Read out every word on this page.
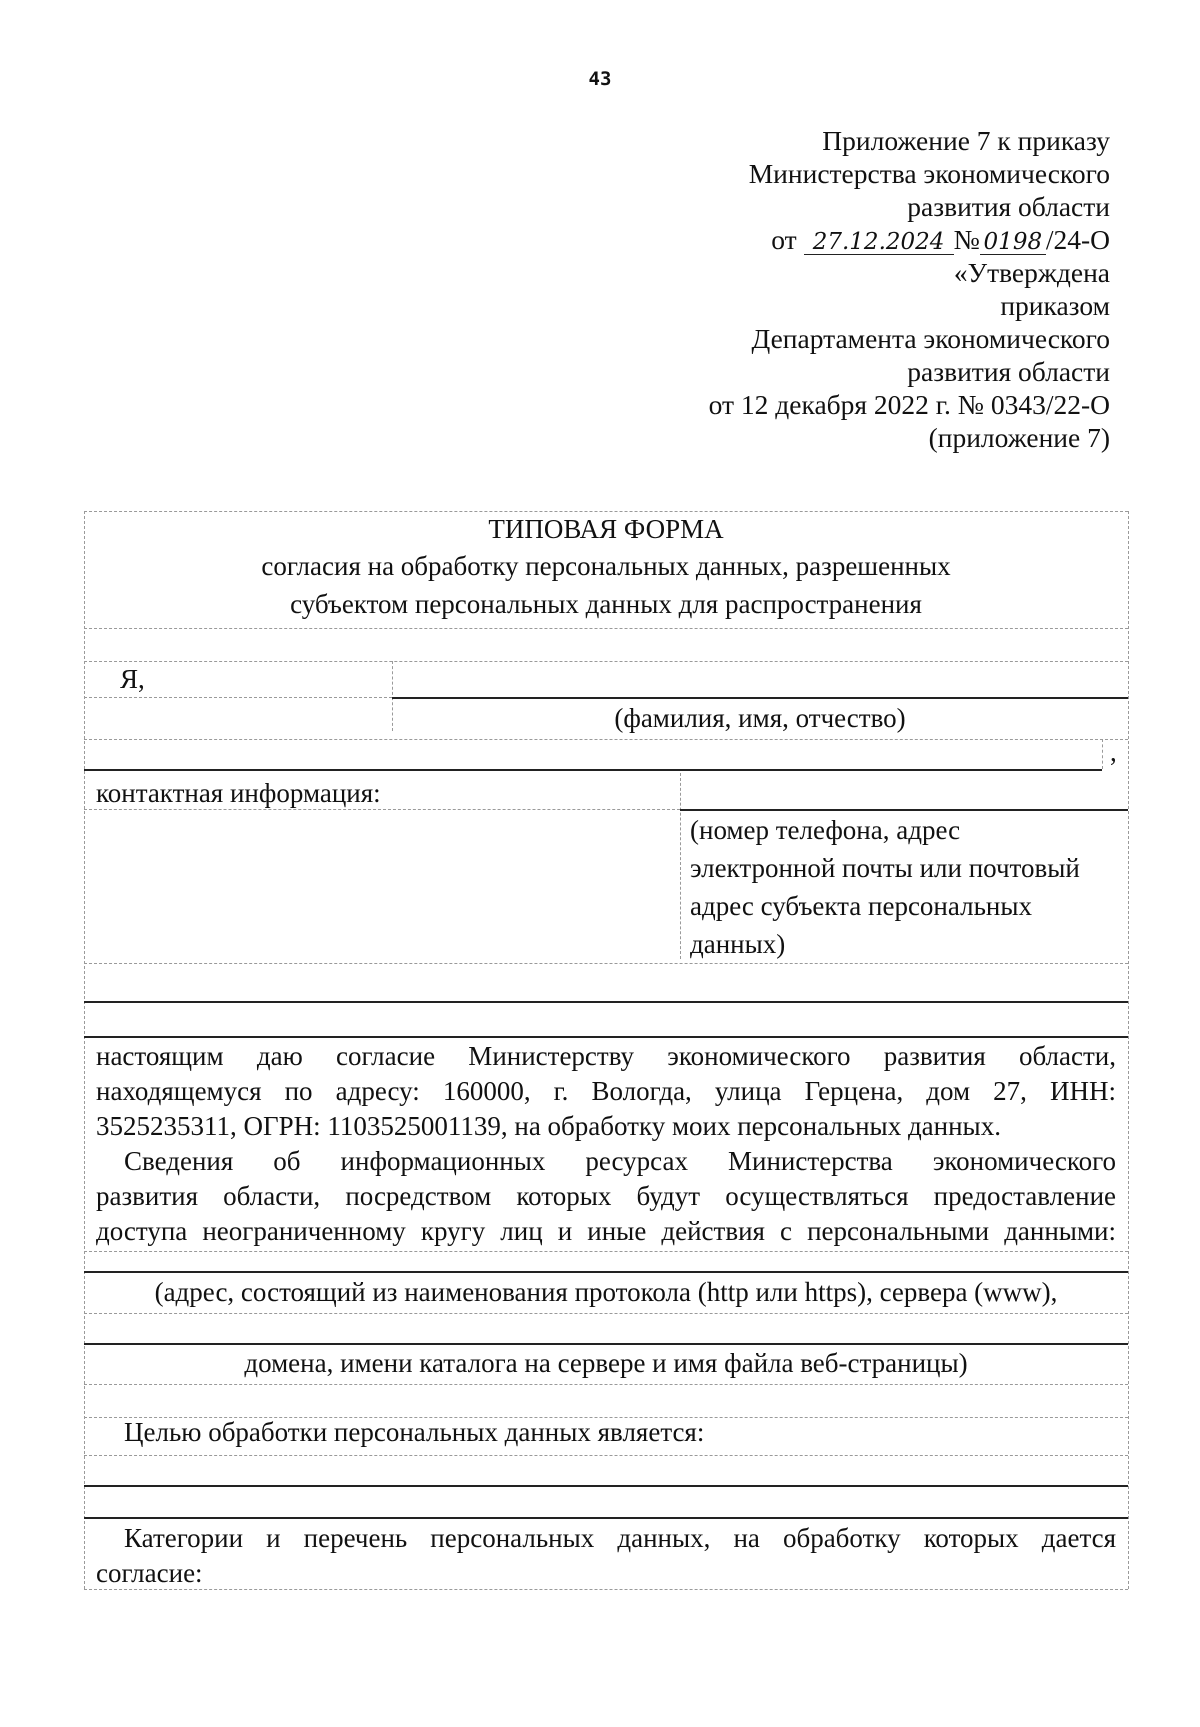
43
Приложение 7 к приказу
Министерства экономического
развития области
от 27.12.2024 № 0198 /24-О
«Утверждена
приказом
Департамента экономического
развития области
от 12 декабря 2022 г. № 0343/22-О
(приложение 7)
ТИПОВАЯ ФОРМА
согласия на обработку персональных данных, разрешенных
субъектом персональных данных для распространения
Я,
(фамилия, имя, отчество)
,
контактная информация:
(номер телефона, адрес
электронной почты или почтовый
адрес субъекта персональных
данных)
настоящим даю согласие Министерству экономического развития области,
находящемуся по адресу: 160000, г. Вологда, улица Герцена, дом 27, ИНН:
3525235311, ОГРН: 1103525001139, на обработку моих персональных данных.
Сведения об информационных ресурсах Министерства экономического
развития области, посредством которых будут осуществляться предоставление
доступа неограниченному кругу лиц и иные действия с персональными данными:
(адрес, состоящий из наименования протокола (http или https), сервера (www),
домена, имени каталога на сервере и имя файла веб-страницы)
Целью обработки персональных данных является:
Категории и перечень персональных данных, на обработку которых дается
согласие:
